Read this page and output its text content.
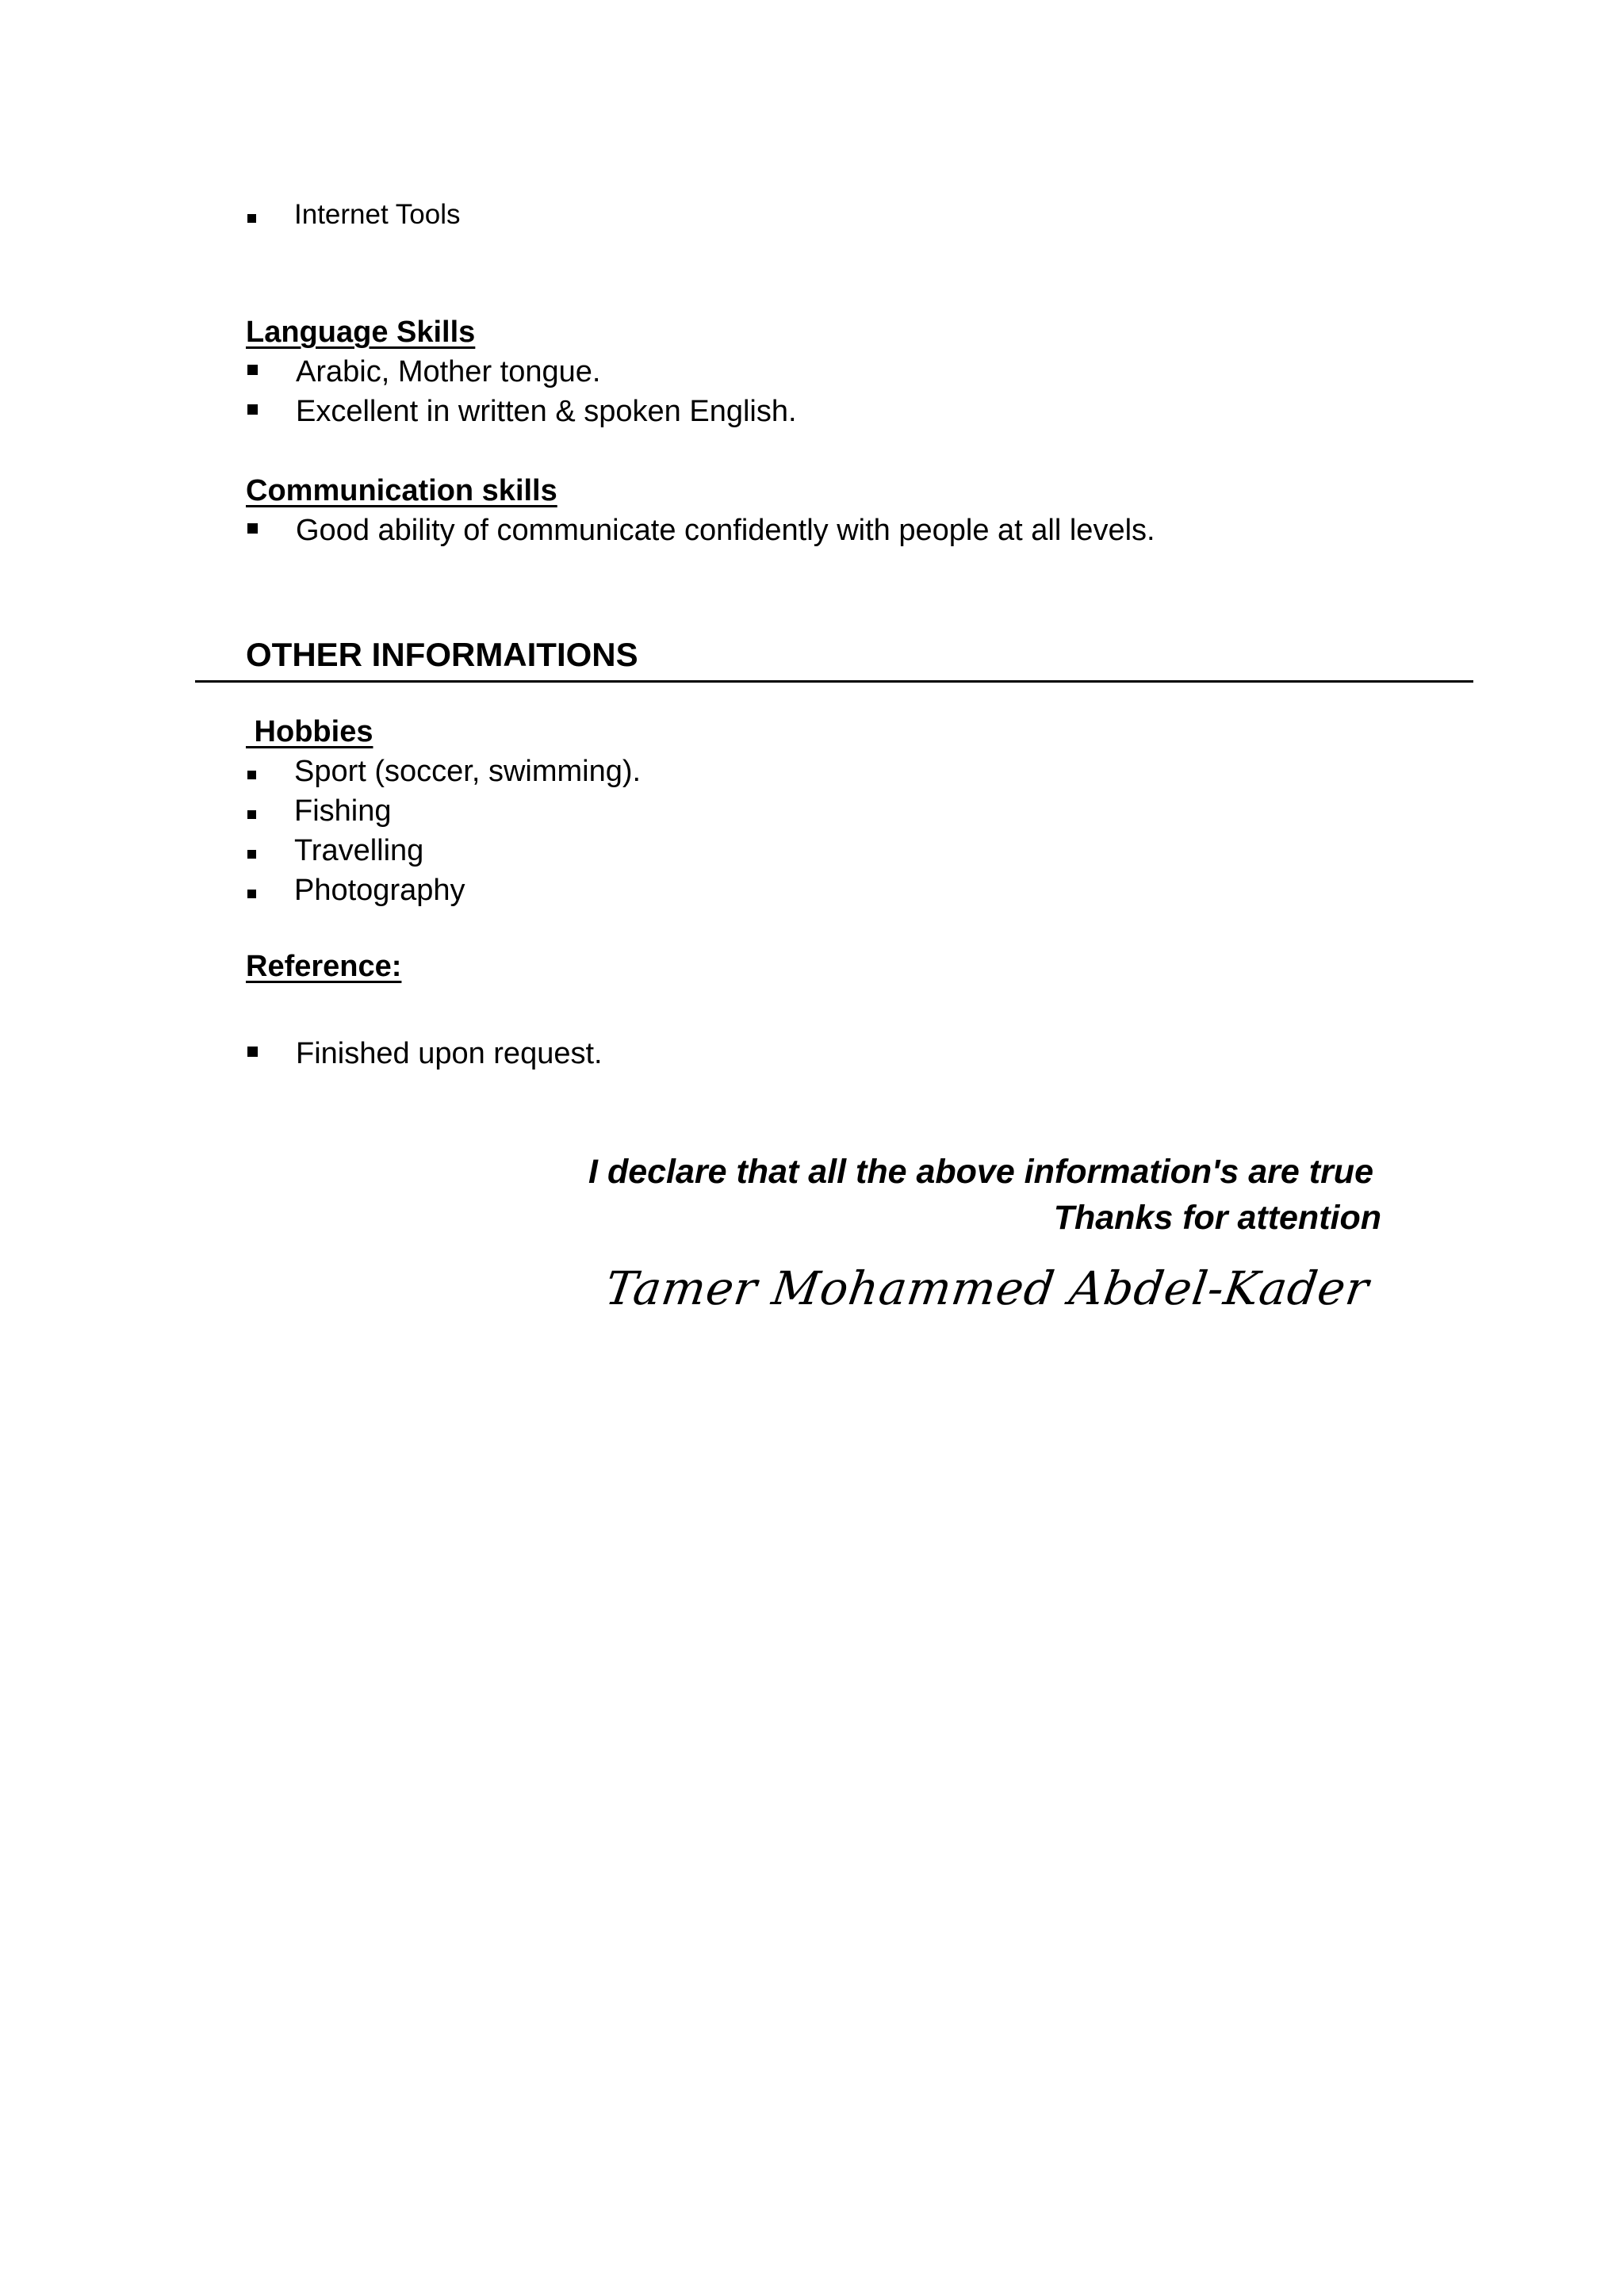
Internet Tools
Language Skills
Arabic, Mother tongue.
Excellent in written & spoken English.
Communication skills
Good ability of communicate confidently with people at all levels.
OTHER INFORMAITIONS
Hobbies
Sport (soccer, swimming).
Fishing
Travelling
Photography
Reference:
Finished upon request.
I declare that all the above information's are true
Thanks for attention
Tamer Mohammed Abdel-Kader
